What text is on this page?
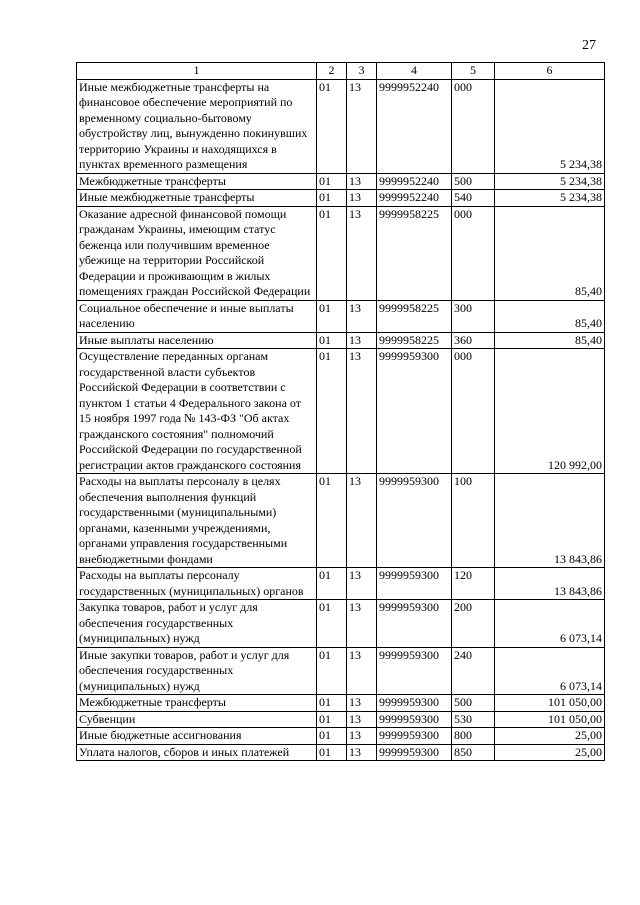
27
1	2	3	4	5	6
Иные межбюджетные трансферты на финансовое обеспечение мероприятий по временному социально-бытовому обустройству лиц, вынужденно покинувших территорию Украины и находящихся в пунктах временного размещения	01	13	9999952240	000	5 234,38
Межбюджетные трансферты	01	13	9999952240	500	5 234,38
Иные межбюджетные трансферты	01	13	9999952240	540	5 234,38
Оказание адресной финансовой помощи гражданам Украины, имеющим статус беженца или получившим временное убежище на территории Российской Федерации и проживающим в жилых помещениях граждан Российской Федерации	01	13	9999958225	000	85,40
Социальное обеспечение и иные выплаты населению	01	13	9999958225	300	85,40
Иные выплаты населению	01	13	9999958225	360	85,40
Осуществление переданных органам государственной власти субъектов Российской Федерации в соответствии с пунктом 1 статьи 4 Федерального закона от 15 ноября 1997 года № 143-ФЗ "Об актах гражданского состояния" полномочий Российской Федерации по государственной регистрации актов гражданского состояния	01	13	9999959300	000	120 992,00
Расходы на выплаты персоналу в целях обеспечения выполнения функций государственными (муниципальными) органами, казенными учреждениями, органами управления государственными внебюджетными фондами	01	13	9999959300	100	13 843,86
Расходы на выплаты персоналу государственных (муниципальных) органов	01	13	9999959300	120	13 843,86
Закупка товаров, работ и услуг для обеспечения государственных (муниципальных) нужд	01	13	9999959300	200	6 073,14
Иные закупки товаров, работ и услуг для обеспечения государственных (муниципальных) нужд	01	13	9999959300	240	6 073,14
Межбюджетные трансферты	01	13	9999959300	500	101 050,00
Субвенции	01	13	9999959300	530	101 050,00
Иные бюджетные ассигнования	01	13	9999959300	800	25,00
Уплата налогов, сборов и иных платежей	01	13	9999959300	850	25,00
